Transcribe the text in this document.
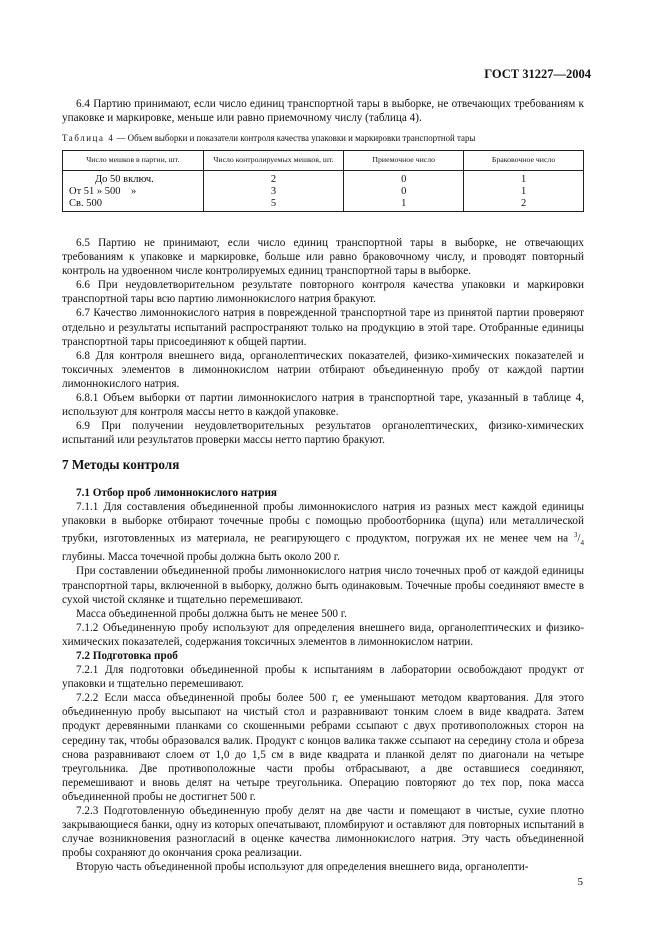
ГОСТ 31227—2004

6.4 Партию принимают, если число единиц транспортной тары в выборке, не отвечающих требованиям к упаковке и маркировке, меньше или равно приемочному числу (таблица 4).

Таблица 4 — Объем выборки и показатели контроля качества упаковки и маркировки транспортной тары
Число мешков в партии, шт.	Число контролируемых мешков, шт.	Приемочное число	Браковочное число
До 50 включ.	2	0	1
От 51 » 500    »	3	0	1
Св. 500	5	1	2

6.5 Партию не принимают, если число единиц транспортной тары в выборке, не отвечающих требованиям к упаковке и маркировке, больше или равно браковочному числу, и проводят повторный контроль на удвоенном числе контролируемых единиц транспортной тары в выборке.

6.6 При неудовлетворительном результате повторного контроля качества упаковки и маркировки транспортной тары всю партию лимоннокислого натрия бракуют.

6.7 Качество лимоннокислого натрия в поврежденной транспортной таре из принятой партии проверяют отдельно и результаты испытаний распространяют только на продукцию в этой таре. Отобранные единицы транспортной тары присоединяют к общей партии.

6.8 Для контроля внешнего вида, органолептических показателей, физико-химических показателей и токсичных элементов в лимоннокислом натрии отбирают объединенную пробу от каждой партии лимоннокислого натрия.

6.8.1 Объем выборки от партии лимоннокислого натрия в транспортной таре, указанный в таблице 4, используют для контроля массы нетто в каждой упаковке.

6.9 При получении неудовлетворительных результатов органолептических, физико-химических испытаний или результатов проверки массы нетто партию бракуют.

7 Методы контроля

7.1 Отбор проб лимоннокислого натрия

7.1.1 Для составления объединенной пробы лимоннокислого натрия из разных мест каждой единицы упаковки в выборке отбирают точечные пробы с помощью пробоотборника (щупа) или металлической трубки, изготовленных из материала, не реагирующего с продуктом, погружая их не менее чем на $^3/_4$ глубины. Масса точечной пробы должна быть около 200 г.

При составлении объединенной пробы лимоннокислого натрия число точечных проб от каждой единицы транспортной тары, включенной в выборку, должно быть одинаковым. Точечные пробы соединяют вместе в сухой чистой склянке и тщательно перемешивают.

Масса объединенной пробы должна быть не менее 500 г.

7.1.2 Объединенную пробу используют для определения внешнего вида, органолептических и физико-химических показателей, содержания токсичных элементов в лимоннокислом натрии.

7.2 Подготовка проб

7.2.1 Для подготовки объединенной пробы к испытаниям в лаборатории освобождают продукт от упаковки и тщательно перемешивают.

7.2.2 Если масса объединенной пробы более 500 г, ее уменьшают методом квартования. Для этого объединенную пробу высыпают на чистый стол и разравнивают тонким слоем в виде квадрата. Затем продукт деревянными планками со скошенными ребрами ссыпают с двух противоположных сторон на середину так, чтобы образовался валик. Продукт с концов валика также ссыпают на середину стола и обреза снова разравнивают слоем от 1,0 до 1,5 см в виде квадрата и планкой делят по диагонали на четыре треугольника. Две противоположные части пробы отбрасывают, а две оставшиеся соединяют, перемешивают и вновь делят на четыре треугольника. Операцию повторяют до тех пор, пока масса объединенной пробы не достигнет 500 г.

7.2.3 Подготовленную объединенную пробу делят на две части и помещают в чистые, сухие плотно закрывающиеся банки, одну из которых опечатывают, пломбируют и оставляют для повторных испытаний в случае возникновения разногласий в оценке качества лимоннокислого натрия. Эту часть объединенной пробы сохраняют до окончания срока реализации.

Вторую часть объединенной пробы используют для определения внешнего вида, органолепти-

5
